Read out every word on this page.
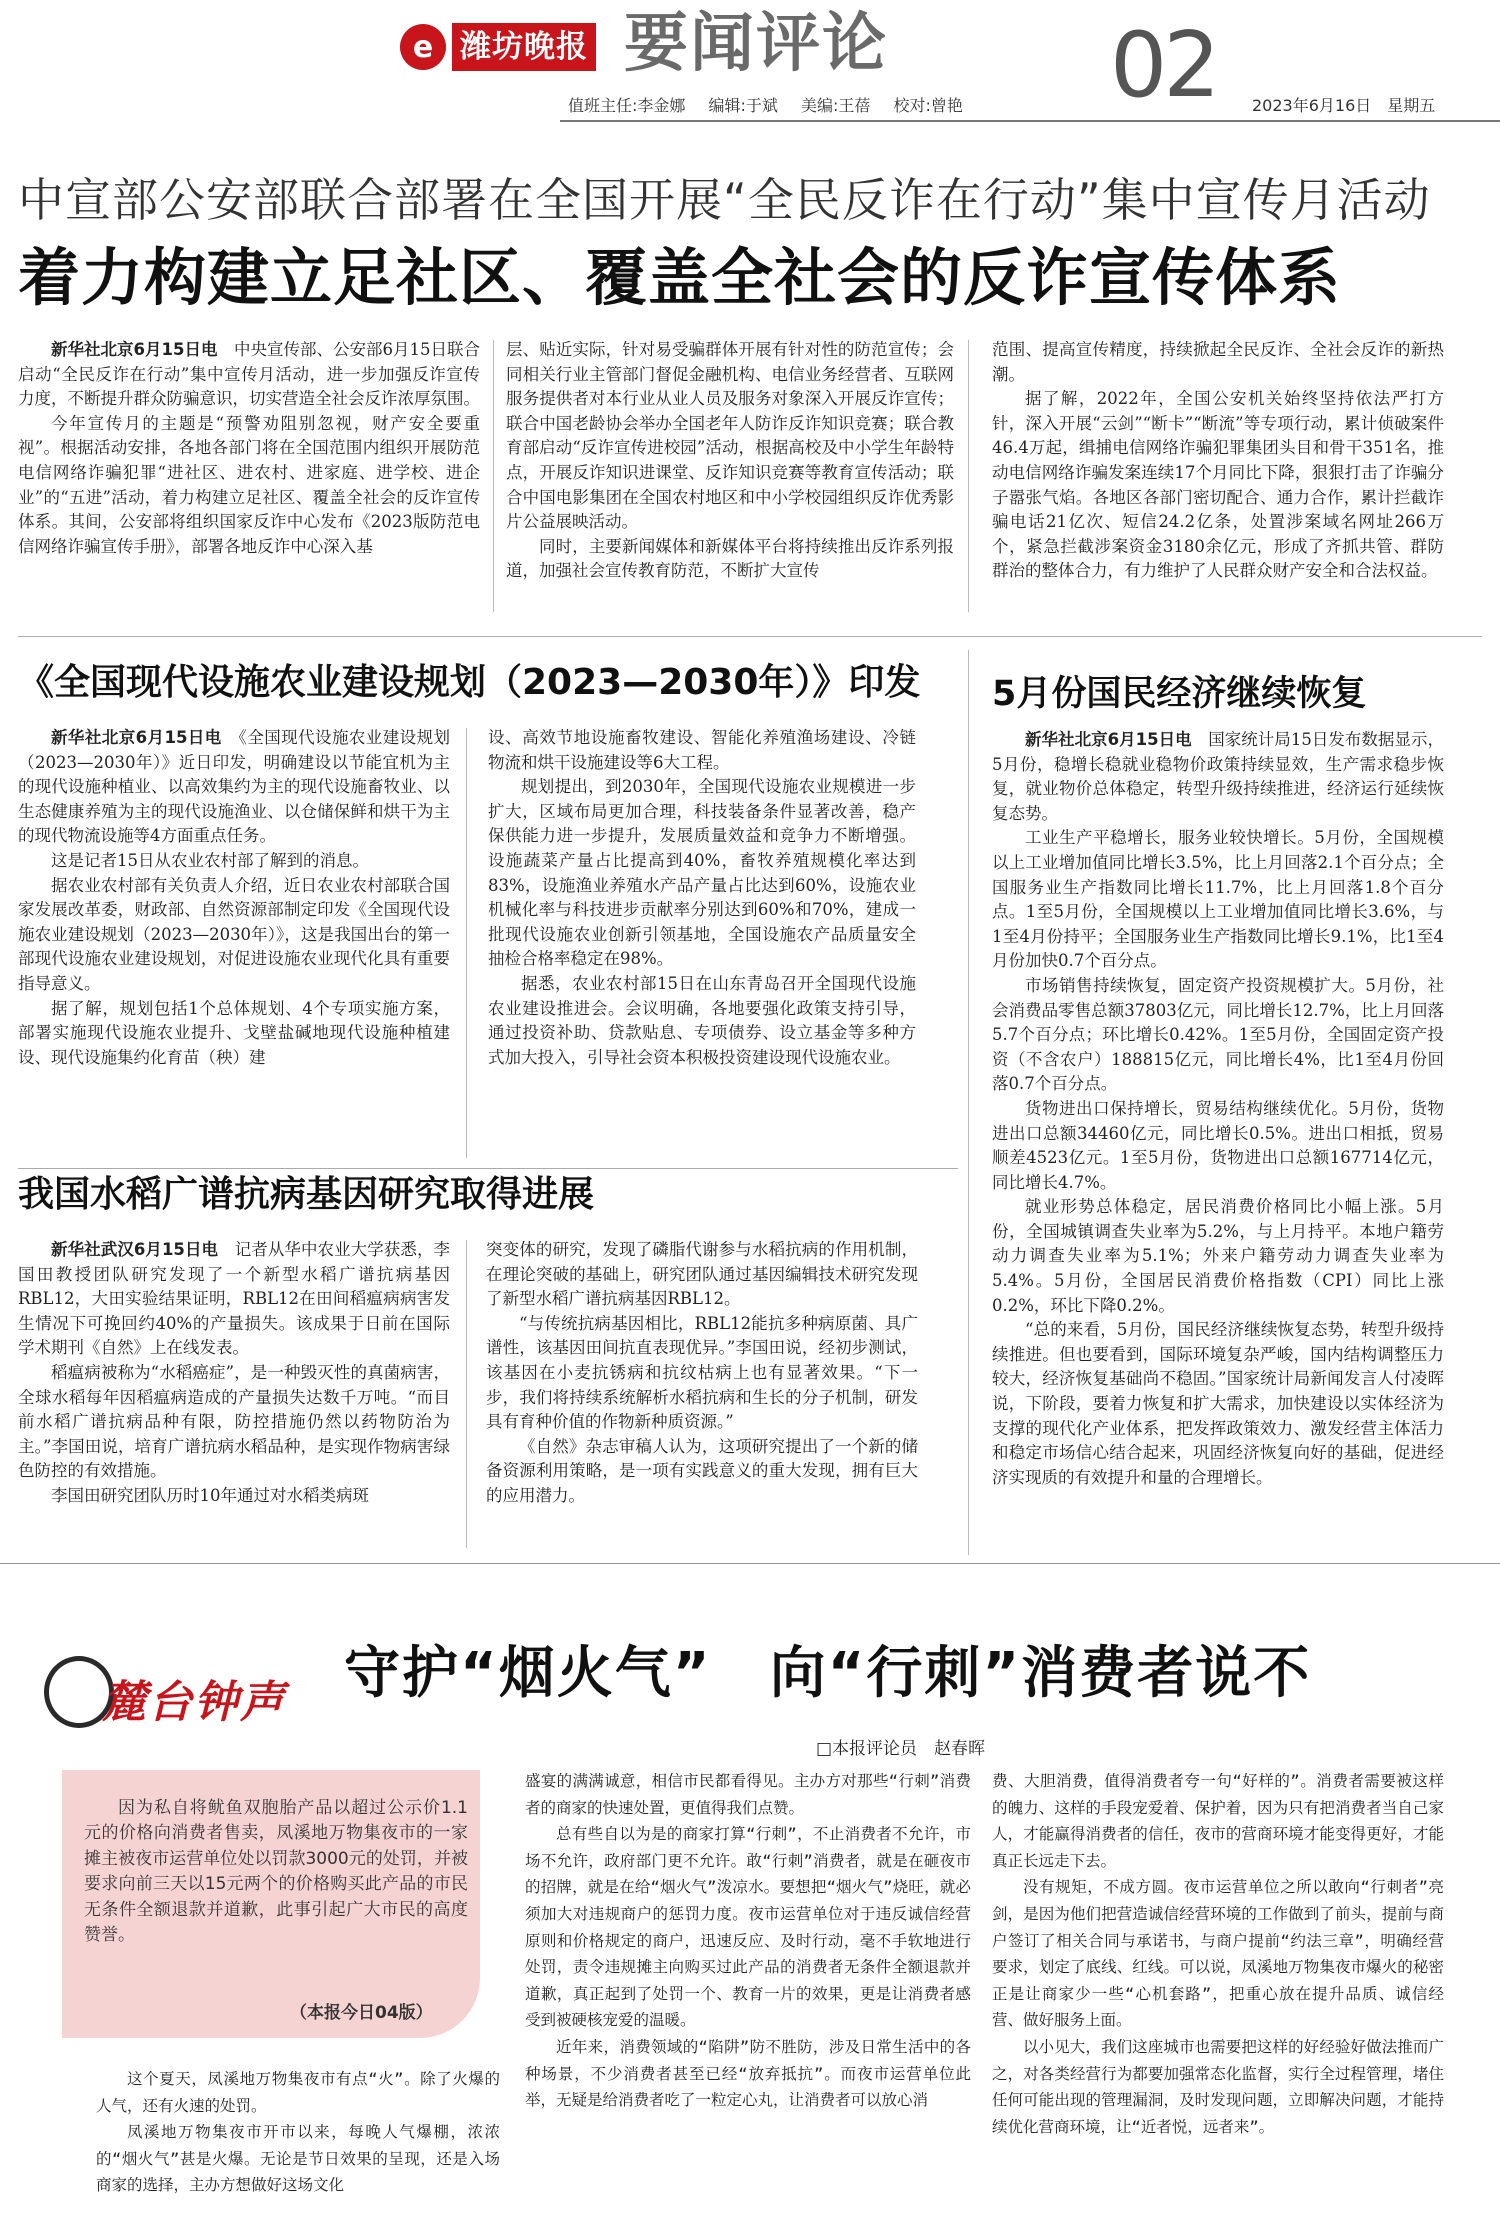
e 潍坊晚报 要闻评论 02
值班主任:李金娜 编辑:于斌 美编:王蓓 校对:曾艳	2023年6月16日　星期五
中宣部公安部联合部署在全国开展“全民反诈在行动”集中宣传月活动
着力构建立足社区、覆盖全社会的反诈宣传体系

新华社北京6月15日电　 中央宣传部、公安部6月15日联合启动“全民反诈在行动”集中宣传月活动，进一步加强反诈宣传力度，不断提升群众防骗意识，切实营造全社会反诈浓厚氛围。

今年宣传月的主题是“预警劝阻别忽视，财产安全要重视”。根据活动安排，各地各部门将在全国范围内组织开展防范电信网络诈骗犯罪“进社区、进农村、进家庭、进学校、进企业”的“五进”活动，着力构建立足社区、覆盖全社会的反诈宣传体系。其间，公安部将组织国家反诈中心发布《2023版防范电信网络诈骗宣传手册》，部署各地反诈中心深入基

层、贴近实际，针对易受骗群体开展有针对性的防范宣传；会同相关行业主管部门督促金融机构、电信业务经营者、互联网服务提供者对本行业从业人员及服务对象深入开展反诈宣传；联合中国老龄协会举办全国老年人防诈反诈知识竞赛；联合教育部启动“反诈宣传进校园”活动，根据高校及中小学生年龄特点，开展反诈知识进课堂、反诈知识竞赛等教育宣传活动；联合中国电影集团在全国农村地区和中小学校园组织反诈优秀影片公益展映活动。

同时，主要新闻媒体和新媒体平台将持续推出反诈系列报道，加强社会宣传教育防范，不断扩大宣传

范围、提高宣传精度，持续掀起全民反诈、全社会反诈的新热潮。

据了解，2022年，全国公安机关始终坚持依法严打方针，深入开展“云剑”“断卡”“断流”等专项行动，累计侦破案件46.4万起，缉捕电信网络诈骗犯罪集团头目和骨干351名，推动电信网络诈骗发案连续17个月同比下降，狠狠打击了诈骗分子嚣张气焰。各地区各部门密切配合、通力合作，累计拦截诈骗电话21亿次、短信24.2亿条，处置涉案域名网址266万个，紧急拦截涉案资金3180余亿元，形成了齐抓共管、群防群治的整体合力，有力维护了人民群众财产安全和合法权益。

《全国现代设施农业建设规划（2023—2030年）》印发

新华社北京6月15日电　 《全国现代设施农业建设规划（2023—2030年）》近日印发，明确建设以节能宜机为主的现代设施种植业、以高效集约为主的现代设施畜牧业、以生态健康养殖为主的现代设施渔业、以仓储保鲜和烘干为主的现代物流设施等4方面重点任务。

这是记者15日从农业农村部了解到的消息。

据农业农村部有关负责人介绍，近日农业农村部联合国家发展改革委，财政部、自然资源部制定印发《全国现代设施农业建设规划（2023—2030年）》，这是我国出台的第一部现代设施农业建设规划，对促进设施农业现代化具有重要指导意义。

据了解，规划包括1个总体规划、4个专项实施方案，部署实施现代设施农业提升、戈壁盐碱地现代设施种植建设、现代设施集约化育苗（秧）建

设、高效节地设施畜牧建设、智能化养殖渔场建设、冷链物流和烘干设施建设等6大工程。

规划提出，到2030年，全国现代设施农业规模进一步扩大，区域布局更加合理，科技装备条件显著改善，稳产保供能力进一步提升，发展质量效益和竞争力不断增强。设施蔬菜产量占比提高到40%，畜牧养殖规模化率达到83%，设施渔业养殖水产品产量占比达到60%，设施农业机械化率与科技进步贡献率分别达到60%和70%，建成一批现代设施农业创新引领基地，全国设施农产品质量安全抽检合格率稳定在98%。

据悉，农业农村部15日在山东青岛召开全国现代设施农业建设推进会。会议明确，各地要强化政策支持引导，通过投资补助、贷款贴息、专项债券、设立基金等多种方式加大投入，引导社会资本积极投资建设现代设施农业。

5月份国民经济继续恢复

新华社北京6月15日电　 国家统计局15日发布数据显示，5月份，稳增长稳就业稳物价政策持续显效，生产需求稳步恢复，就业物价总体稳定，转型升级持续推进，经济运行延续恢复态势。

工业生产平稳增长，服务业较快增长。5月份，全国规模以上工业增加值同比增长3.5%，比上月回落2.1个百分点；全国服务业生产指数同比增长11.7%，比上月回落1.8个百分点。1至5月份，全国规模以上工业增加值同比增长3.6%，与1至4月份持平；全国服务业生产指数同比增长9.1%，比1至4月份加快0.7个百分点。

市场销售持续恢复，固定资产投资规模扩大。5月份，社会消费品零售总额37803亿元，同比增长12.7%，比上月回落5.7个百分点；环比增长0.42%。1至5月份，全国固定资产投资（不含农户）188815亿元，同比增长4%，比1至4月份回落0.7个百分点。

货物进出口保持增长，贸易结构继续优化。5月份，货物进出口总额34460亿元，同比增长0.5%。进出口相抵，贸易顺差4523亿元。1至5月份，货物进出口总额167714亿元，同比增长4.7%。

就业形势总体稳定，居民消费价格同比小幅上涨。5月份，全国城镇调查失业率为5.2%，与上月持平。本地户籍劳动力调查失业率为5.1%；外来户籍劳动力调查失业率为5.4%。5月份，全国居民消费价格指数（CPI）同比上涨0.2%，环比下降0.2%。

“总的来看，5月份，国民经济继续恢复态势，转型升级持续推进。但也要看到，国际环境复杂严峻，国内结构调整压力较大，经济恢复基础尚不稳固。”国家统计局新闻发言人付凌晖说，下阶段，要着力恢复和扩大需求，加快建设以实体经济为支撑的现代化产业体系，把发挥政策效力、激发经营主体活力和稳定市场信心结合起来，巩固经济恢复向好的基础，促进经济实现质的有效提升和量的合理增长。

我国水稻广谱抗病基因研究取得进展

新华社武汉6月15日电　 记者从华中农业大学获悉，李国田教授团队研究发现了一个新型水稻广谱抗病基因RBL12，大田实验结果证明，RBL12在田间稻瘟病病害发生情况下可挽回约40%的产量损失。该成果于日前在国际学术期刊《自然》上在线发表。

稻瘟病被称为“水稻癌症”，是一种毁灭性的真菌病害，全球水稻每年因稻瘟病造成的产量损失达数千万吨。“而目前水稻广谱抗病品种有限，防控措施仍然以药物防治为主。”李国田说，培育广谱抗病水稻品种，是实现作物病害绿色防控的有效措施。

李国田研究团队历时10年通过对水稻类病斑

突变体的研究，发现了磷脂代谢参与水稻抗病的作用机制，在理论突破的基础上，研究团队通过基因编辑技术研究发现了新型水稻广谱抗病基因RBL12。

“与传统抗病基因相比，RBL12能抗多种病原菌、具广谱性，该基因田间抗直表现优异。”李国田说，经初步测试，该基因在小麦抗锈病和抗纹枯病上也有显著效果。“下一步，我们将持续系统解析水稻抗病和生长的分子机制，研发具有育种价值的作物新种质资源。”

《自然》杂志审稿人认为，这项研究提出了一个新的储备资源利用策略，是一项有实践意义的重大发现，拥有巨大的应用潜力。

麓台钟声 守护“烟火气”　向“行刺”消费者说不
□本报评论员　赵春晖
因为私自将鱿鱼双胞胎产品以超过公示价1.1元的价格向消费者售卖，凤溪地万物集夜市的一家摊主被夜市运营单位处以罚款3000元的处罚，并被要求向前三天以15元两个的价格购买此产品的市民无条件全额退款并道歉，此事引起广大市民的高度赞誉。
（本报今日04版）

这个夏天，凤溪地万物集夜市有点“火”。除了火爆的人气，还有火速的处罚。

凤溪地万物集夜市开市以来，每晚人气爆棚，浓浓的“烟火气”甚是火爆。无论是节日效果的呈现，还是入场商家的选择，主办方想做好这场文化

盛宴的满满诚意，相信市民都看得见。主办方对那些“行刺”消费者的商家的快速处置，更值得我们点赞。

总有些自以为是的商家打算“行刺”，不止消费者不允许，市场不允许，政府部门更不允许。敢“行刺”消费者，就是在砸夜市的招牌，就是在给“烟火气”泼凉水。要想把“烟火气”烧旺，就必须加大对违规商户的惩罚力度。夜市运营单位对于违反诚信经营原则和价格规定的商户，迅速反应、及时行动，毫不手软地进行处罚，责令违规摊主向购买过此产品的消费者无条件全额退款并道歉，真正起到了处罚一个、教育一片的效果，更是让消费者感受到被硬核宠爱的温暖。

近年来，消费领域的“陷阱”防不胜防，涉及日常生活中的各种场景，不少消费者甚至已经“放弃抵抗”。而夜市运营单位此举，无疑是给消费者吃了一粒定心丸，让消费者可以放心消

费、大胆消费，值得消费者夸一句“好样的”。消费者需要被这样的魄力、这样的手段宠爱着、保护着，因为只有把消费者当自己家人，才能赢得消费者的信任，夜市的营商环境才能变得更好，才能真正长远走下去。

没有规矩，不成方圆。夜市运营单位之所以敢向“行刺者”亮剑，是因为他们把营造诚信经营环境的工作做到了前头，提前与商户签订了相关合同与承诺书，与商户提前“约法三章”，明确经营要求，划定了底线、红线。可以说，凤溪地万物集夜市爆火的秘密正是让商家少一些“心机套路”，把重心放在提升品质、诚信经营、做好服务上面。

以小见大，我们这座城市也需要把这样的好经验好做法推而广之，对各类经营行为都要加强常态化监督，实行全过程管理，堵住任何可能出现的管理漏洞，及时发现问题，立即解决问题，才能持续优化营商环境，让“近者悦，远者来”。
